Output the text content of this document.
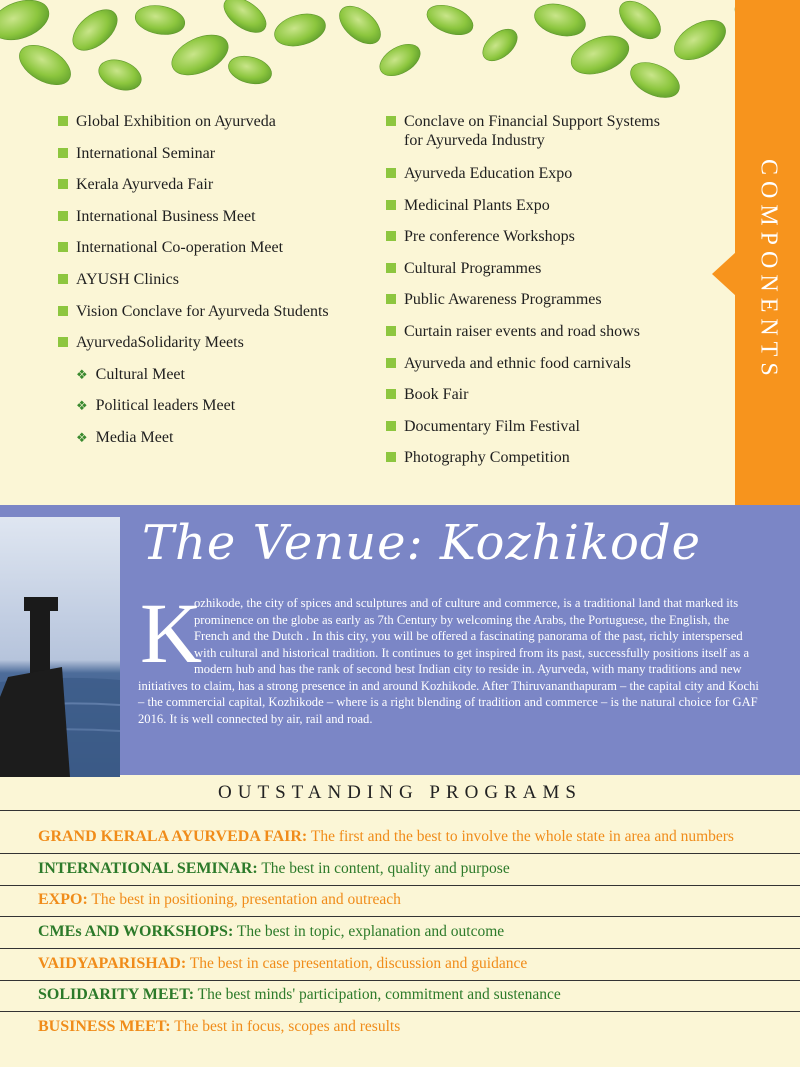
Global Exhibition on Ayurveda
International Seminar
Kerala Ayurveda Fair
International Business Meet
International Co-operation Meet
AYUSH Clinics
Vision Conclave for Ayurveda Students
AyurvedaSolidarity Meets
❖ Cultural Meet
❖ Political leaders Meet
❖ Media Meet
Conclave on Financial Support Systems
for Ayurveda Industry
Ayurveda Education Expo
Medicinal Plants Expo
Pre conference Workshops
Cultural Programmes
Public Awareness Programmes
Curtain raiser events and road shows
Ayurveda and ethnic food carnivals
Book Fair
Documentary Film Festival
Photography Competition
COMPONENTS
The Venue: Kozhikode
K
ozhikode, the city of spices and sculptures and of culture and commerce, is a traditional land that marked its prominence on the globe as early as 7th Century by welcoming the Arabs, the Portuguese, the English, the French and the Dutch . In this city, you will be offered a fascinating panorama of the past, richly interspersed with cultural and historical tradition. It continues to get inspired from its past, successfully positions itself as a modern hub and has the rank of second best Indian city to reside in. Ayurveda, with many traditions and new initiatives to claim, has a strong presence in and around Kozhikode. After Thiruvananthapuram – the capital city and Kochi – the commercial capital, Kozhikode – where is a right blending of tradition and commerce – is the natural choice for GAF 2016. It is well connected by air, rail and road.
OUTSTANDING PROGRAMS
GRAND KERALA AYURVEDA FAIR: The first and the best to involve the whole state in area and numbers
INTERNATIONAL SEMINAR: The best in content, quality and purpose
EXPO: The best in positioning, presentation and outreach
CMEs AND WORKSHOPS: The best in topic, explanation and outcome
VAIDYAPARISHAD: The best in case presentation, discussion and guidance
SOLIDARITY MEET: The best minds' participation, commitment and sustenance
BUSINESS MEET: The best in focus, scopes and results
